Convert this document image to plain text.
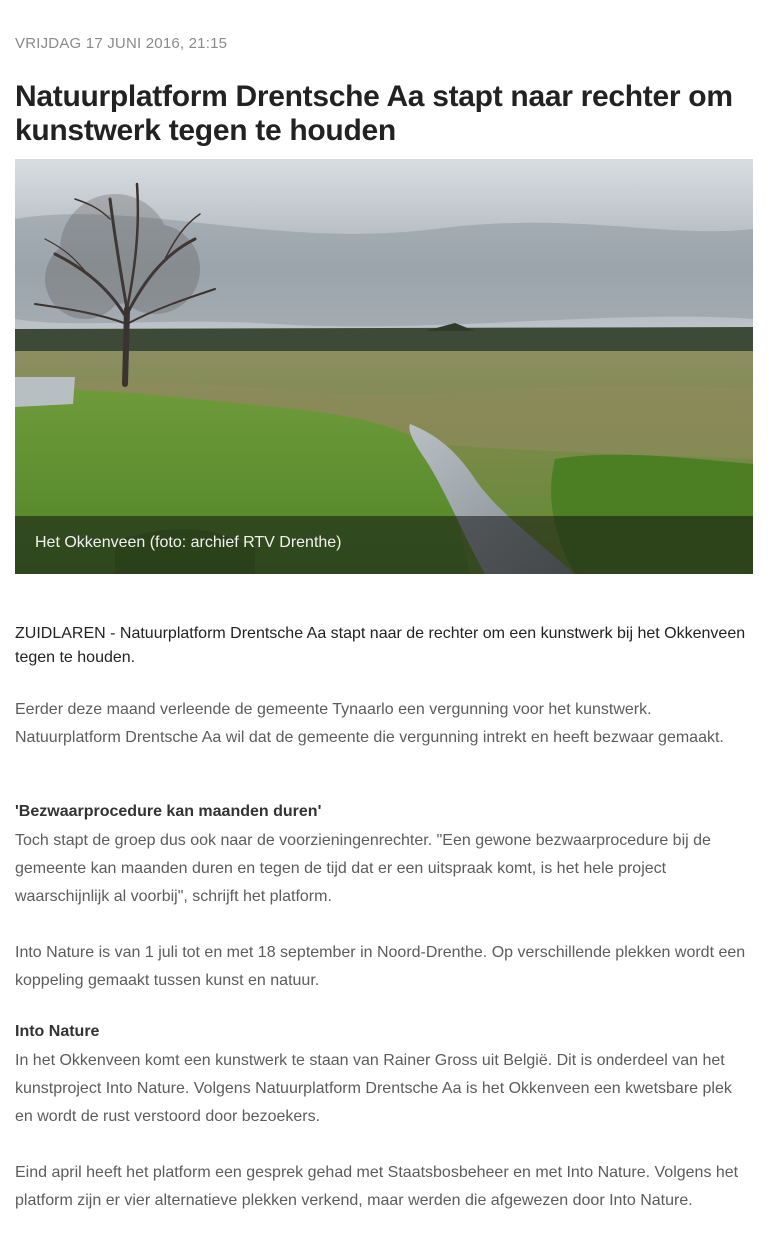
VRIJDAG 17 JUNI 2016, 21:15
Natuurplatform Drentsche Aa stapt naar rechter om kunstwerk tegen te houden
Het Okkenveen (foto: archief RTV Drenthe)

ZUIDLAREN - Natuurplatform Drentsche Aa stapt naar de rechter om een kunstwerk bij het Okkenveen tegen te houden.

Eerder deze maand verleende de gemeente Tynaarlo een vergunning voor het kunstwerk. Natuurplatform Drentsche Aa wil dat de gemeente die vergunning intrekt en heeft bezwaar gemaakt.

'Bezwaarprocedure kan maanden duren'

Toch stapt de groep dus ook naar de voorzieningenrechter. "Een gewone bezwaarprocedure bij de gemeente kan maanden duren en tegen de tijd dat er een uitspraak komt, is het hele project waarschijnlijk al voorbij", schrijft het platform.

Into Nature is van 1 juli tot en met 18 september in Noord-Drenthe. Op verschillende plekken wordt een koppeling gemaakt tussen kunst en natuur.

Into Nature

In het Okkenveen komt een kunstwerk te staan van Rainer Gross uit België. Dit is onderdeel van het kunstproject Into Nature. Volgens Natuurplatform Drentsche Aa is het Okkenveen een kwetsbare plek en wordt de rust verstoord door bezoekers.

Eind april heeft het platform een gesprek gehad met Staatsbosbeheer en met Into Nature. Volgens het platform zijn er vier alternatieve plekken verkend, maar werden die afgewezen door Into Nature.
